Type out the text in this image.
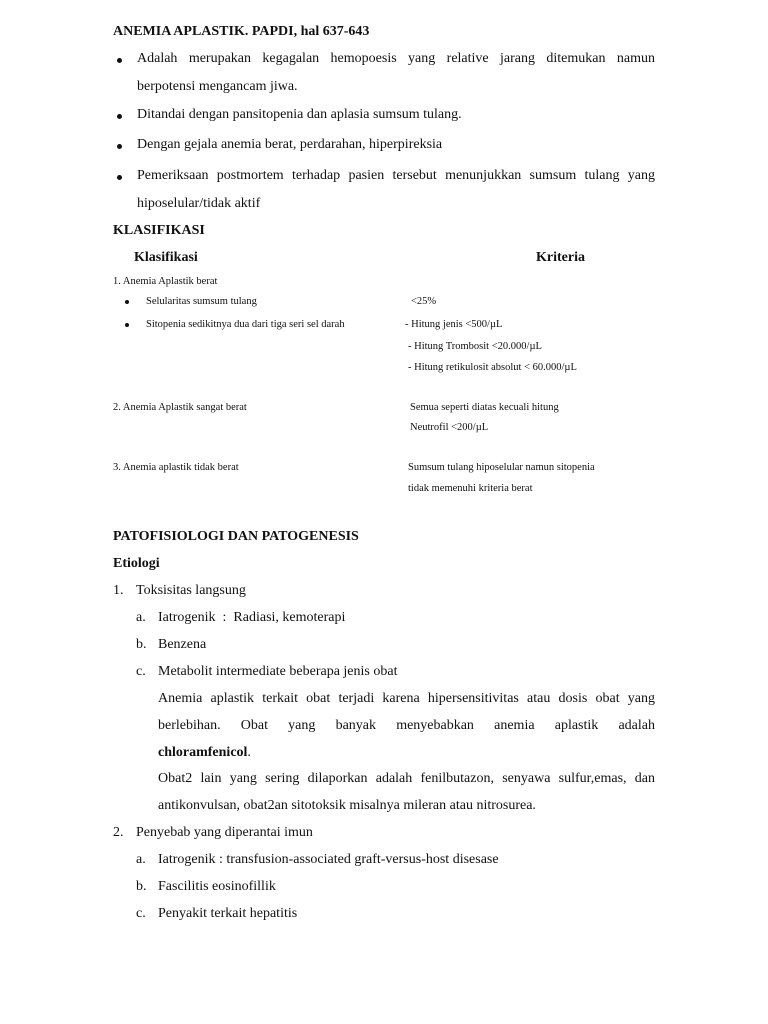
ANEMIA APLASTIK. PAPDI, hal 637-643
Adalah merupakan kegagalan hemopoesis yang relative jarang ditemukan namun
berpotensi mengancam jiwa.
Ditandai dengan pansitopenia dan aplasia sumsum tulang.
Dengan gejala anemia berat, perdarahan, hiperpireksia
Pemeriksaan postmortem terhadap pasien tersebut menunjukkan sumsum tulang yang
hiposelular/tidak aktif
KLASIFIKASI
Klasifikasi	Kriteria
1. Anemia Aplastik berat
Selularitas sumsum tulang	<25%
Sitopenia sedikitnya dua dari tiga seri sel darah	- Hitung jenis <500/µL
- Hitung Trombosit <20.000/µL
- Hitung retikulosit absolut < 60.000/µL
2. Anemia Aplastik sangat berat	Semua seperti diatas kecuali hitung
Neutrofil <200/µL
3. Anemia aplastik tidak berat	Sumsum tulang hiposelular namun sitopenia
tidak memenuhi kriteria berat
PATOFISIOLOGI DAN PATOGENESIS
Etiologi
1. Toksisitas langsung
a. Iatrogenik  :  Radiasi, kemoterapi
b. Benzena
c. Metabolit intermediate beberapa jenis obat
Anemia aplastik terkait obat terjadi karena hipersensitivitas atau dosis obat yang
berlebihan. Obat yang banyak menyebabkan anemia aplastik adalah
chloramfenicol.
Obat2 lain yang sering dilaporkan adalah fenilbutazon, senyawa sulfur,emas, dan
antikonvulsan, obat2an sitotoksik misalnya mileran atau nitrosurea.
2. Penyebab yang diperantai imun
a. Iatrogenik : transfusion-associated graft-versus-host disesase
b. Fascilitis eosinofillik
c. Penyakit terkait hepatitis
